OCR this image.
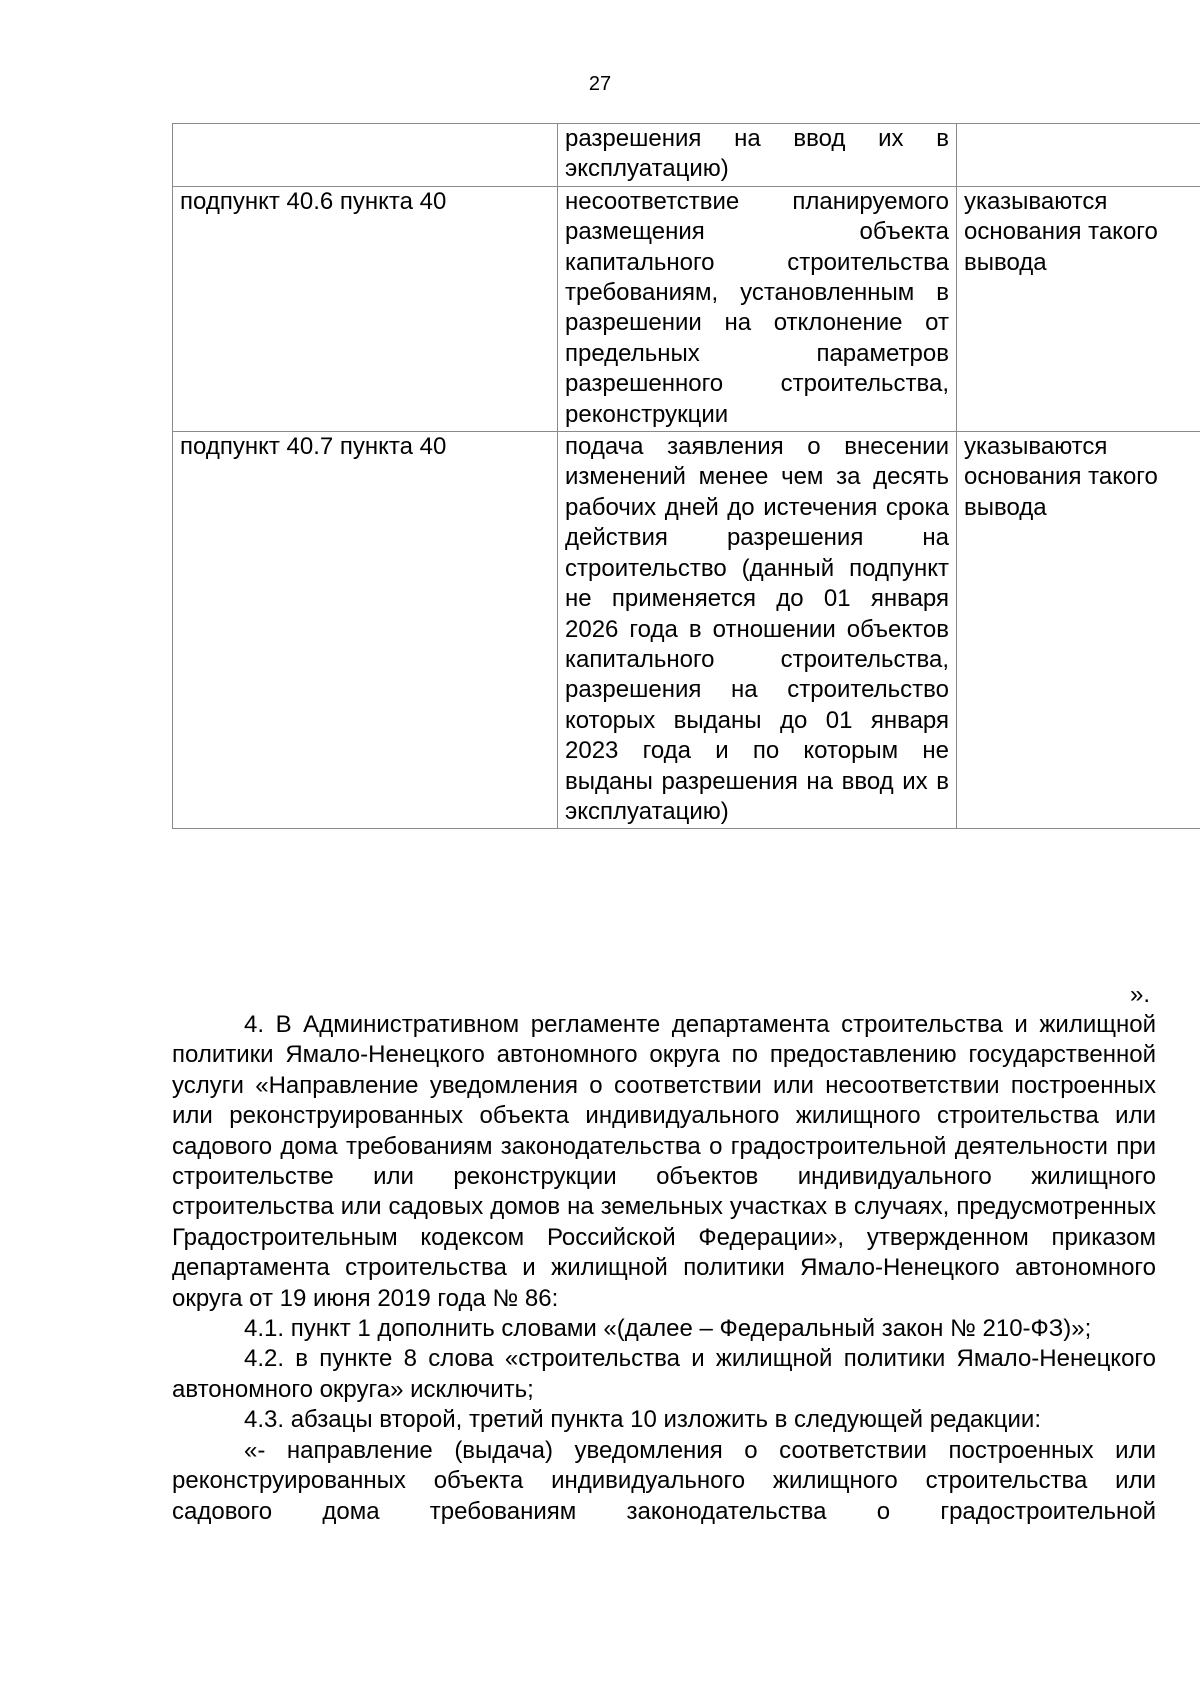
27
	разрешения на ввод их в эксплуатацию)	
подпункт 40.6 пункта 40	несоответствие планируемого размещения объекта капитального строительства требованиям, установленным в разрешении на отклонение от предельных параметров разрешенного строительства, реконструкции	указываются основания такого вывода
подпункт 40.7 пункта 40	подача заявления о внесении изменений менее чем за десять рабочих дней до истечения срока действия разрешения на строительство (данный подпункт не применяется до 01 января 2026 года в отношении объектов капитального строительства, разрешения на строительство которых выданы до 01 января 2023 года и по которым не выданы разрешения на ввод их в эксплуатацию)	указываются основания такого вывода
».

4. В Административном регламенте департамента строительства и жилищной политики Ямало-Ненецкого автономного округа по предоставлению государственной услуги «Направление уведомления о соответствии или несоответствии построенных или реконструированных объекта индивидуального жилищного строительства или садового дома требованиям законодательства о градостроительной деятельности при строительстве или реконструкции объектов индивидуального жилищного строительства или садовых домов на земельных участках в случаях, предусмотренных Градостроительным кодексом Российской Федерации», утвержденном приказом департамента строительства и жилищной политики Ямало-Ненецкого автономного округа от 19 июня 2019 года № 86:

4.1. пункт 1 дополнить словами «(далее – Федеральный закон № 210-ФЗ)»;

4.2. в пункте 8 слова «строительства и жилищной политики Ямало-Ненецкого автономного округа» исключить;

4.3. абзацы второй, третий пункта 10 изложить в следующей редакции:

«- направление (выдача) уведомления о соответствии построенных или реконструированных объекта индивидуального жилищного строительства или садового дома требованиям законодательства о градостроительной
